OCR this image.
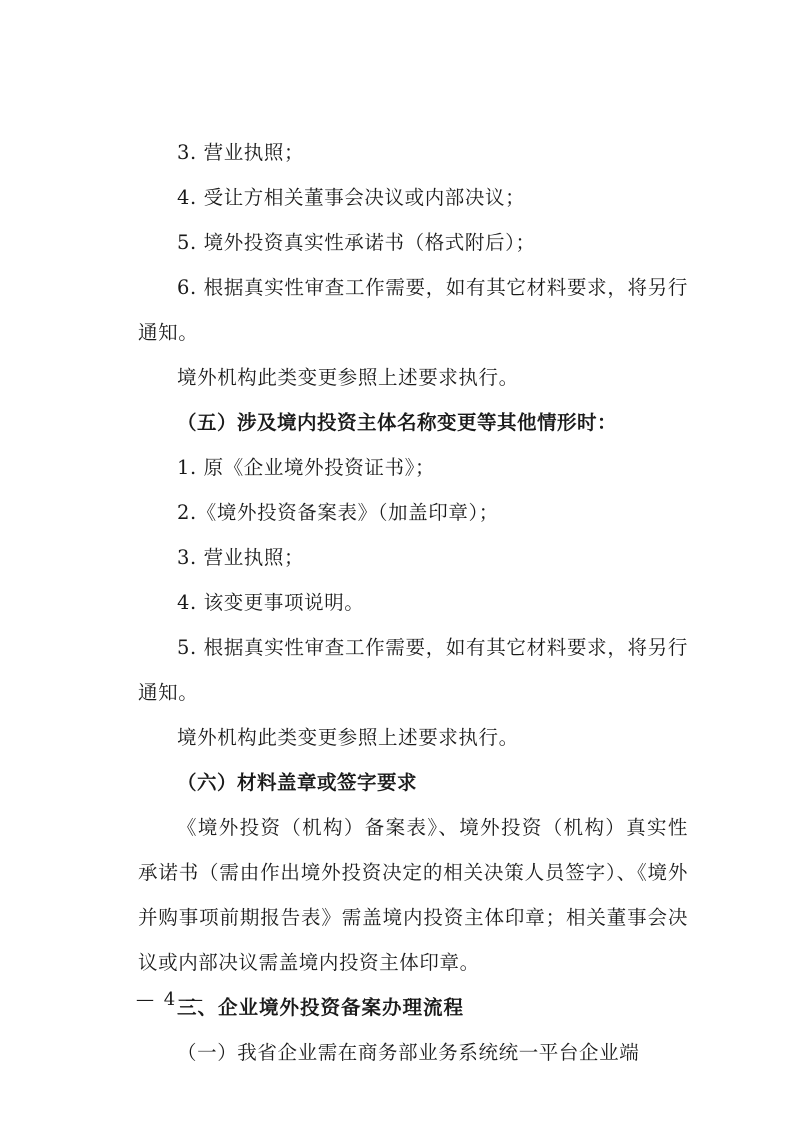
3. 营业执照；

4. 受让方相关董事会决议或内部决议；

5. 境外投资真实性承诺书（格式附后）；

6. 根据真实性审查工作需要，如有其它材料要求，将另行通知。

境外机构此类变更参照上述要求执行。

（五）涉及境内投资主体名称变更等其他情形时：

1. 原《企业境外投资证书》；

2.《境外投资备案表》（加盖印章）；

3. 营业执照；

4. 该变更事项说明。

5. 根据真实性审查工作需要，如有其它材料要求，将另行通知。

境外机构此类变更参照上述要求执行。

（六）材料盖章或签字要求

《境外投资（机构）备案表》、境外投资（机构）真实性承诺书（需由作出境外投资决定的相关决策人员签字）、《境外并购事项前期报告表》需盖境内投资主体印章；相关董事会决议或内部决议需盖境内投资主体印章。

三、企业境外投资备案办理流程

（一）我省企业需在商务部业务系统统一平台企业端

— 4 —
